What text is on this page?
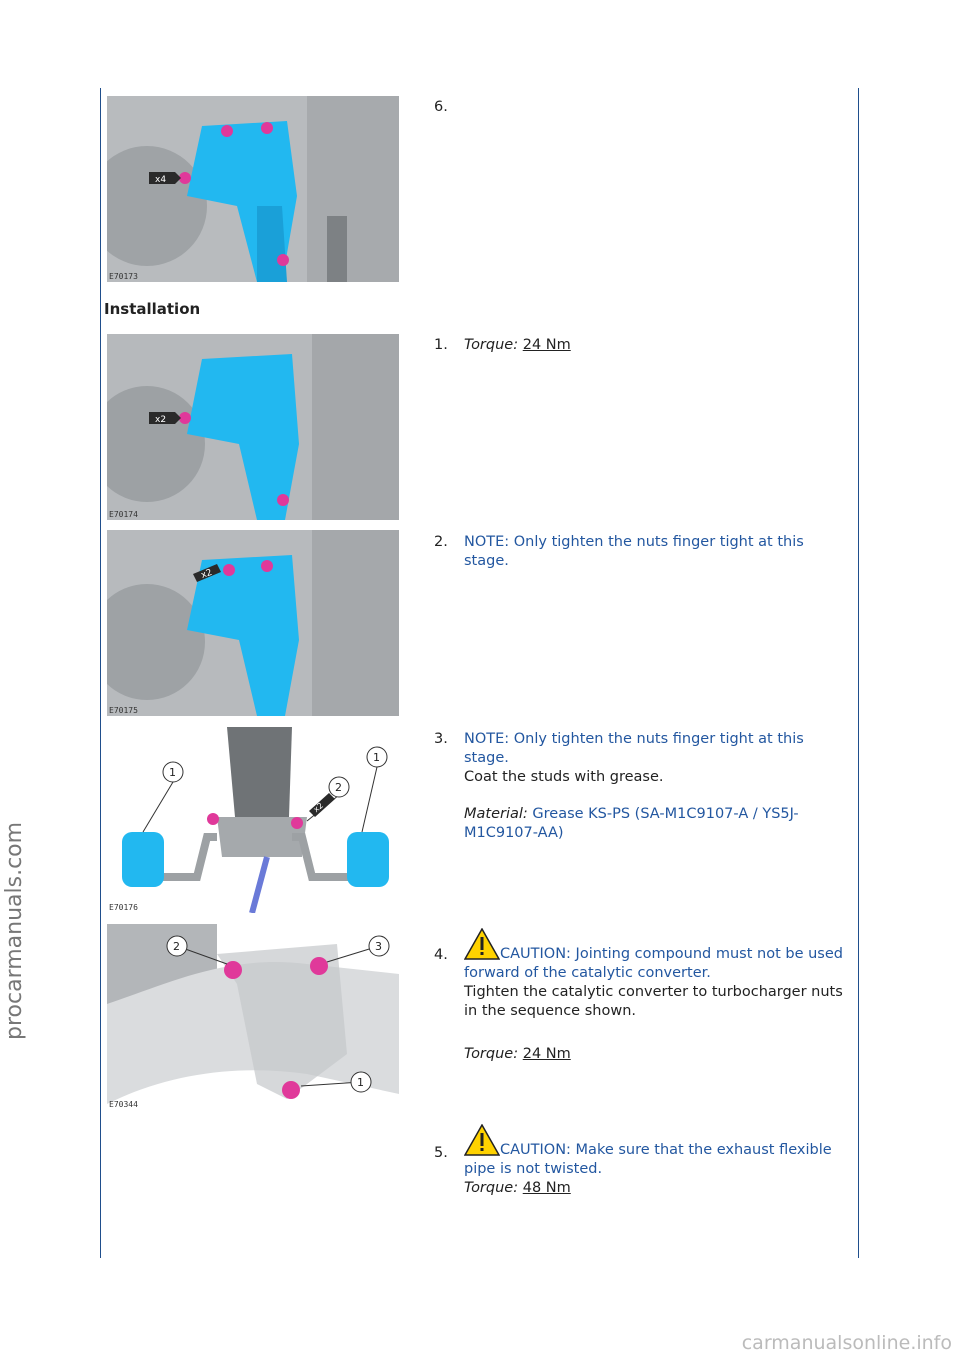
x4
E70173
6.
Installation
x2
E70174
1. Torque: 24 Nm
x2
E70175
2. NOTE: Only tighten the nuts finger tight at this stage.
1
1
2
x2
E70176
3. NOTE: Only tighten the nuts finger tight at this stage.
Coat the studs with grease.
Material: Grease KS-PS (SA-M1C9107-A / YS5J-M1C9107-AA)
2	3
1
E70344
4.	CAUTION: Jointing compound must not be used forward of the catalytic converter.
Tighten the catalytic converter to turbocharger nuts in the sequence shown.
Torque: 24 Nm
5.	CAUTION: Make sure that the exhaust flexible pipe is not twisted.
Torque: 48 Nm
procarmanuals.com
carmanualsonline.info
